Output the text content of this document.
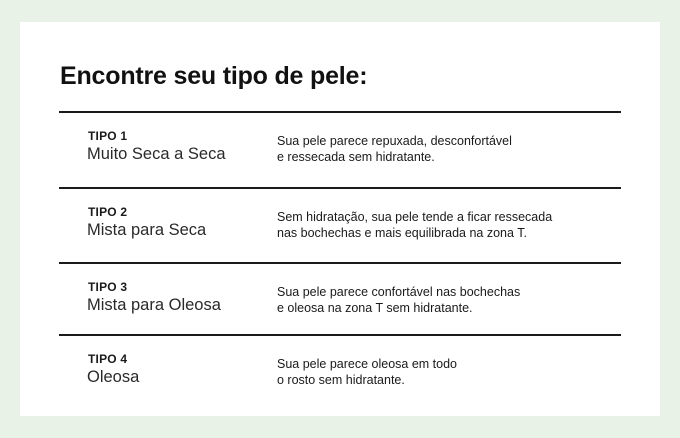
Encontre seu tipo de pele:
TIPO 1
Muito Seca a Seca
Sua pele parece repuxada, desconfortável
e ressecada sem hidratante.
TIPO 2
Mista para Seca
Sem hidratação, sua pele tende a ficar ressecada
nas bochechas e mais equilibrada na zona T.
TIPO 3
Mista para Oleosa
Sua pele parece confortável nas bochechas
e oleosa na zona T sem hidratante.
TIPO 4
Oleosa
Sua pele parece oleosa em todo
o rosto sem hidratante.
